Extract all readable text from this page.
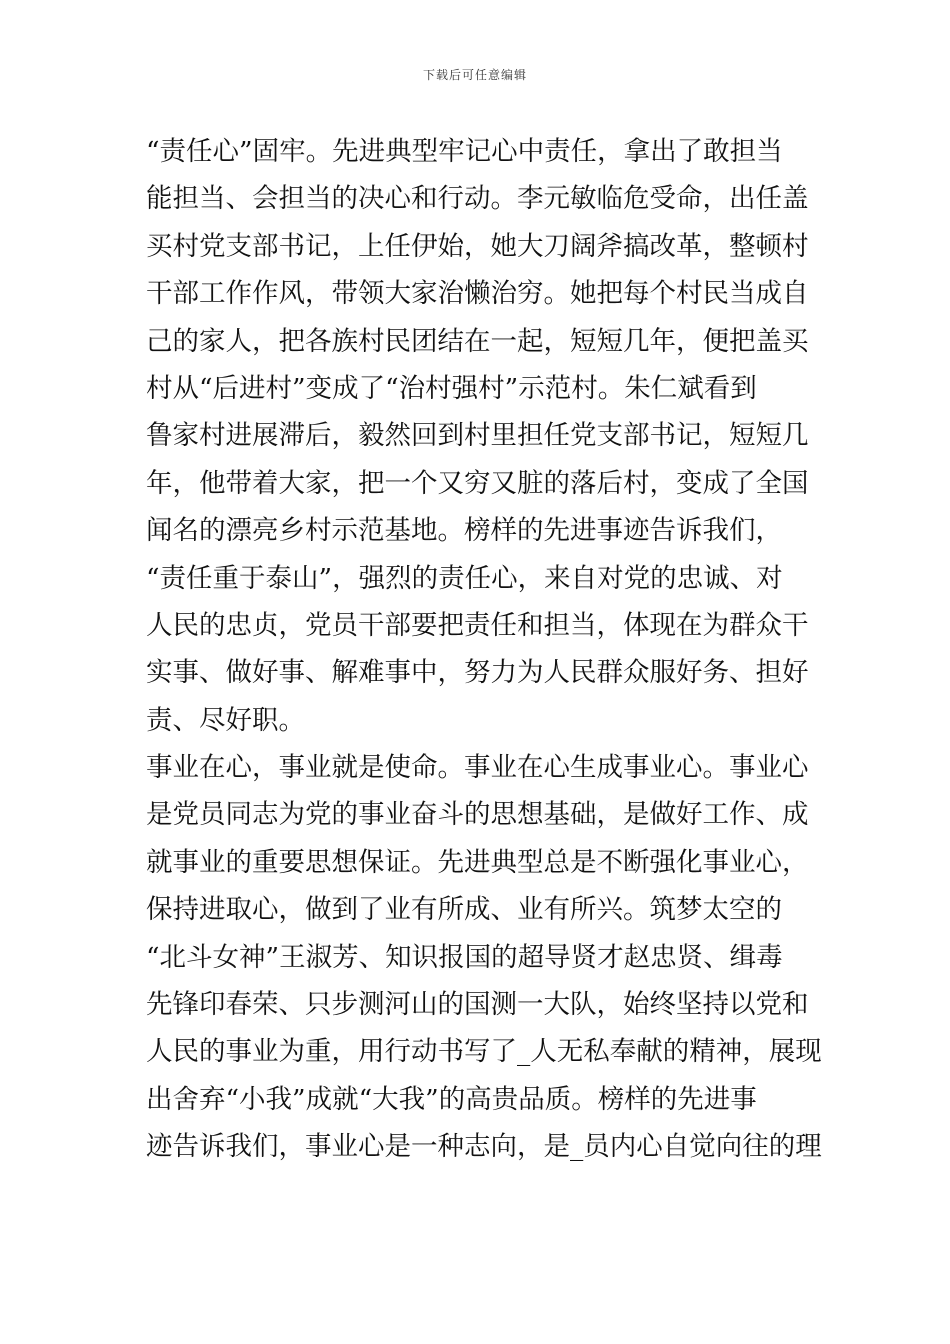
下载后可任意编辑
“责任心”固牢。先进典型牢记心中责任，拿出了敢担当
能担当、会担当的决心和行动。李元敏临危受命，出任盖
买村党支部书记，上任伊始，她大刀阔斧搞改革，整顿村
干部工作作风，带领大家治懒治穷。她把每个村民当成自
己的家人，把各族村民团结在一起，短短几年，便把盖买
村从“后进村”变成了“治村强村”示范村。朱仁斌看到
鲁家村进展滞后，毅然回到村里担任党支部书记，短短几
年，他带着大家，把一个又穷又脏的落后村，变成了全国
闻名的漂亮乡村示范基地。榜样的先进事迹告诉我们，
“责任重于泰山”，强烈的责任心，来自对党的忠诚、对
人民的忠贞，党员干部要把责任和担当，体现在为群众干
实事、做好事、解难事中，努力为人民群众服好务、担好
责、尽好职。
事业在心，事业就是使命。事业在心生成事业心。事业心
是党员同志为党的事业奋斗的思想基础，是做好工作、成
就事业的重要思想保证。先进典型总是不断强化事业心，
保持进取心，做到了业有所成、业有所兴。筑梦太空的
“北斗女神”王淑芳、知识报国的超导贤才赵忠贤、缉毒
先锋印春荣、只步测河山的国测一大队，始终坚持以党和
人民的事业为重，用行动书写了_人无私奉献的精神，展现
出舍弃“小我”成就“大我”的高贵品质。榜样的先进事
迹告诉我们，事业心是一种志向，是_员内心自觉向往的理
